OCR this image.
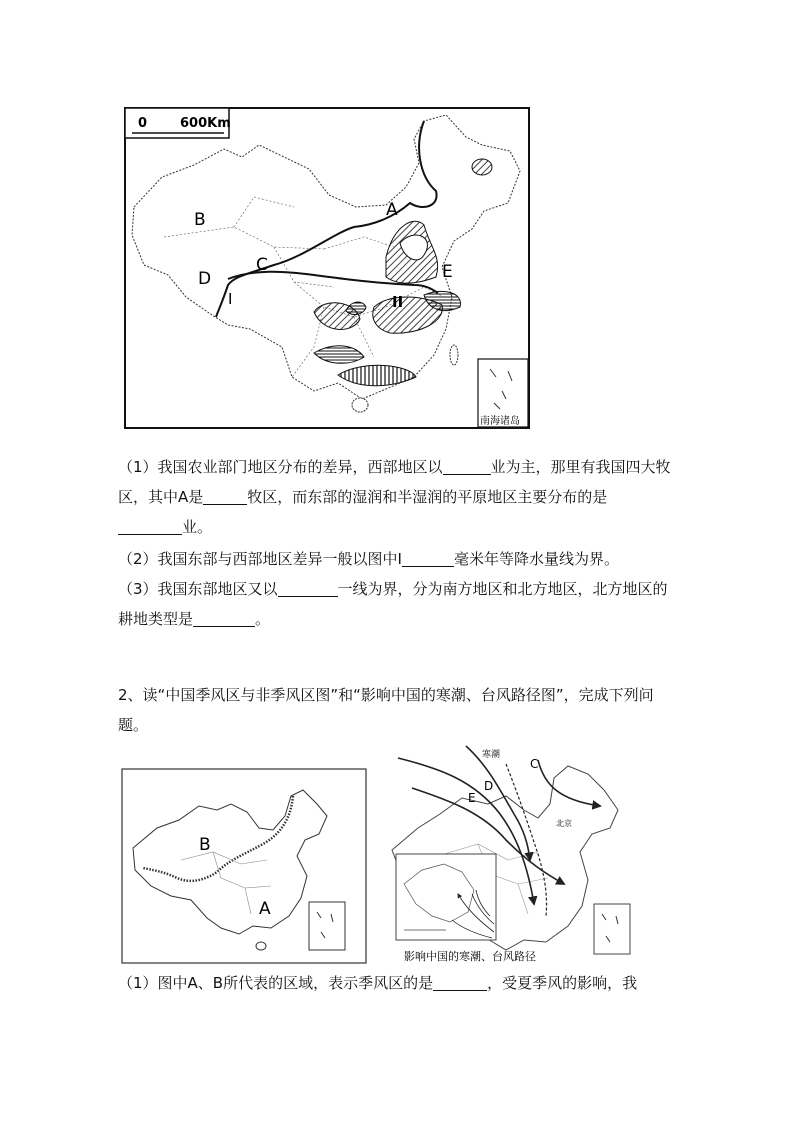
0	600Km
B
D
C
A
E
I	II
南海诸岛

（1）我国农业部门地区分布的差异，西部地区以	业为主，那里有我国四大牧区，其中A是	牧区，而东部的湿润和半湿润的平原地区主要分布的是
业。

（2）我国东部与西部地区差异一般以图中I	毫米年等降水量线为界。

（3）我国东部地区又以	一线为界，分为南方地区和北方地区，北方地区的耕地类型是	。

2、读“中国季风区与非季风区图”和“影响中国的寒潮、台风路径图”，完成下列问题。

B
A
寒潮
C
D
E
北京
影响中国的寒潮、台风路径

（1）图中A、B所代表的区域，表示季风区的是	，受夏季风的影响，我
